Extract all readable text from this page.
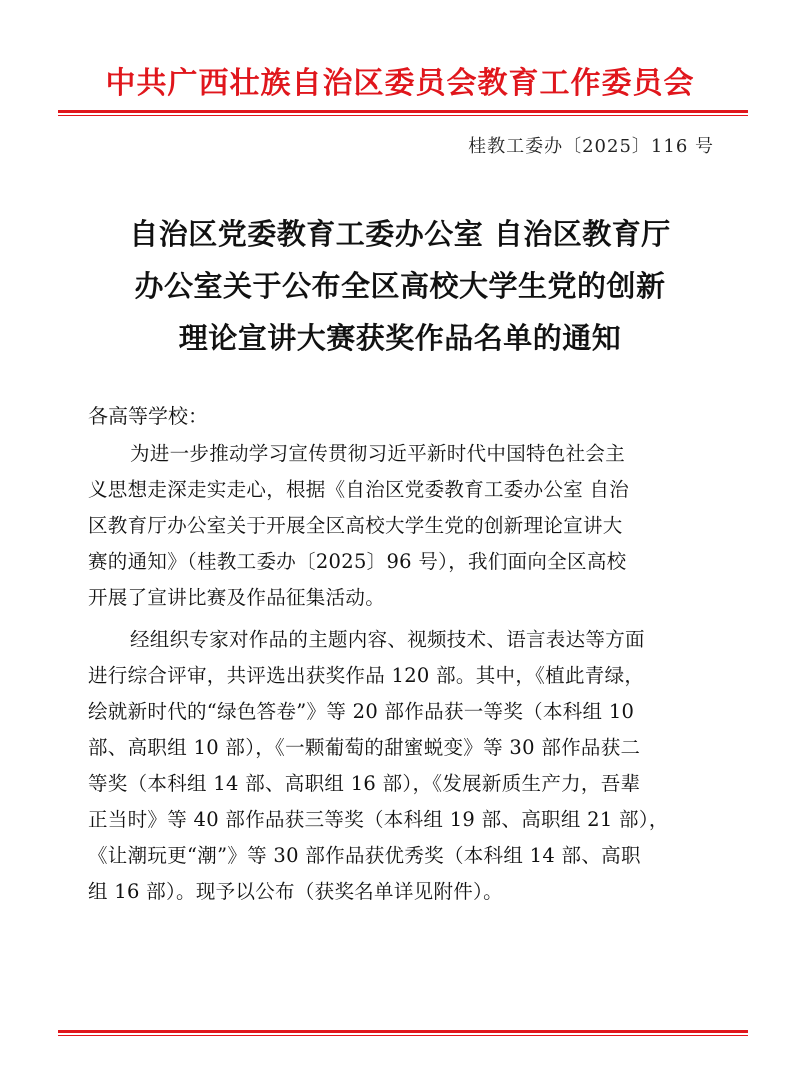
中共广西壮族自治区委员会教育工作委员会
桂教工委办〔2025〕116 号
自治区党委教育工委办公室 自治区教育厅
办公室关于公布全区高校大学生党的创新
理论宣讲大赛获奖作品名单的通知
各高等学校：
为进一步推动学习宣传贯彻习近平新时代中国特色社会主
义思想走深走实走心，根据《自治区党委教育工委办公室 自治
区教育厅办公室关于开展全区高校大学生党的创新理论宣讲大
赛的通知》（桂教工委办〔2025〕96 号），我们面向全区高校
开展了宣讲比赛及作品征集活动。
经组织专家对作品的主题内容、视频技术、语言表达等方面
进行综合评审，共评选出获奖作品 120 部。其中，《植此青绿，
绘就新时代的“绿色答卷”》等 20 部作品获一等奖（本科组 10
部、高职组 10 部），《一颗葡萄的甜蜜蜕变》等 30 部作品获二
等奖（本科组 14 部、高职组 16 部），《发展新质生产力，吾辈
正当时》等 40 部作品获三等奖（本科组 19 部、高职组 21 部），
《让潮玩更“潮”》等 30 部作品获优秀奖（本科组 14 部、高职
组 16 部）。现予以公布（获奖名单详见附件）。
